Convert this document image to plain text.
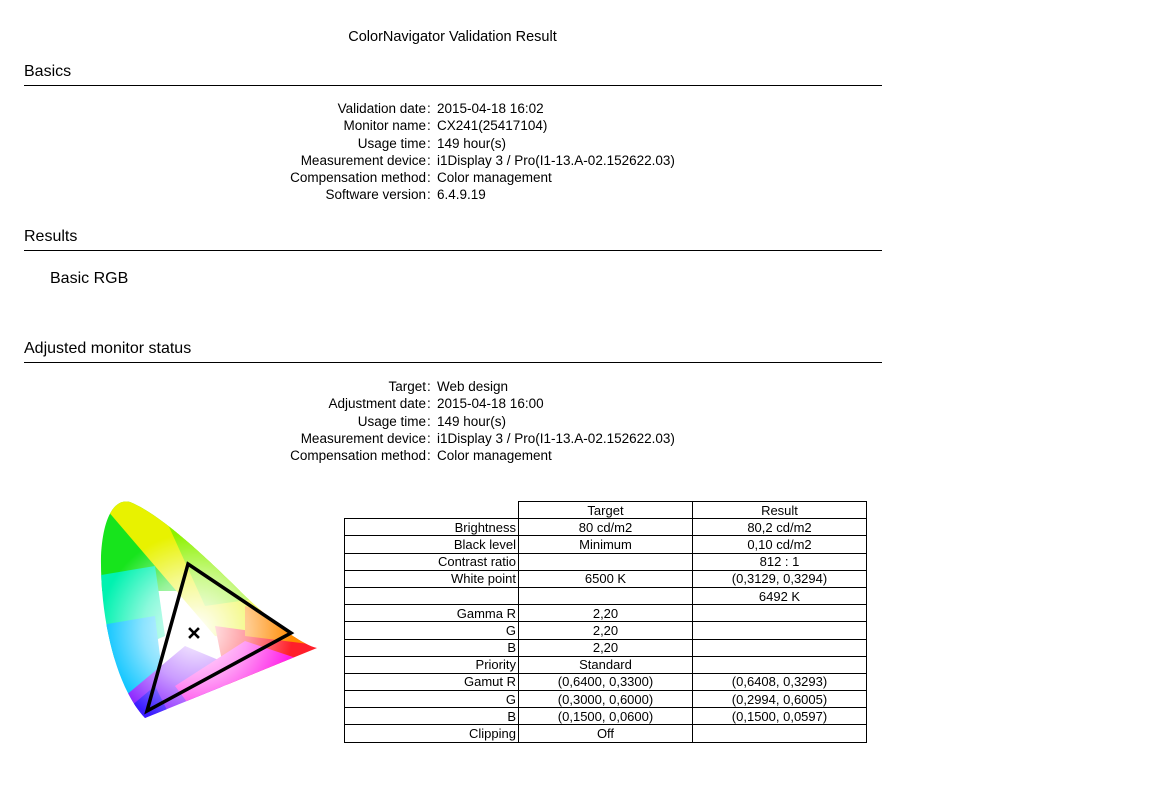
ColorNavigator Validation Result
Basics
Validation date : 2015-04-18 16:02
Monitor name : CX241(25417104)
Usage time : 149 hour(s)
Measurement device : i1Display 3 / Pro(I1-13.A-02.152622.03)
Compensation method : Color management
Software version : 6.4.9.19
Results
Basic RGB
Adjusted monitor status
Target : Web design
Adjustment date : 2015-04-18 16:00
Usage time : 149 hour(s)
Measurement device : i1Display 3 / Pro(I1-13.A-02.152622.03)
Compensation method : Color management
	Target	Result
Brightness	80 cd/m2	80,2 cd/m2
Black level	Minimum	0,10 cd/m2
Contrast ratio		812 : 1
White point	6500 K	(0,3129, 0,3294)
		6492 K
Gamma R	2,20	
G	2,20	
B	2,20	
Priority	Standard	
Gamut R	(0,6400, 0,3300)	(0,6408, 0,3293)
G	(0,3000, 0,6000)	(0,2994, 0,6005)
B	(0,1500, 0,0600)	(0,1500, 0,0597)
Clipping	Off	
